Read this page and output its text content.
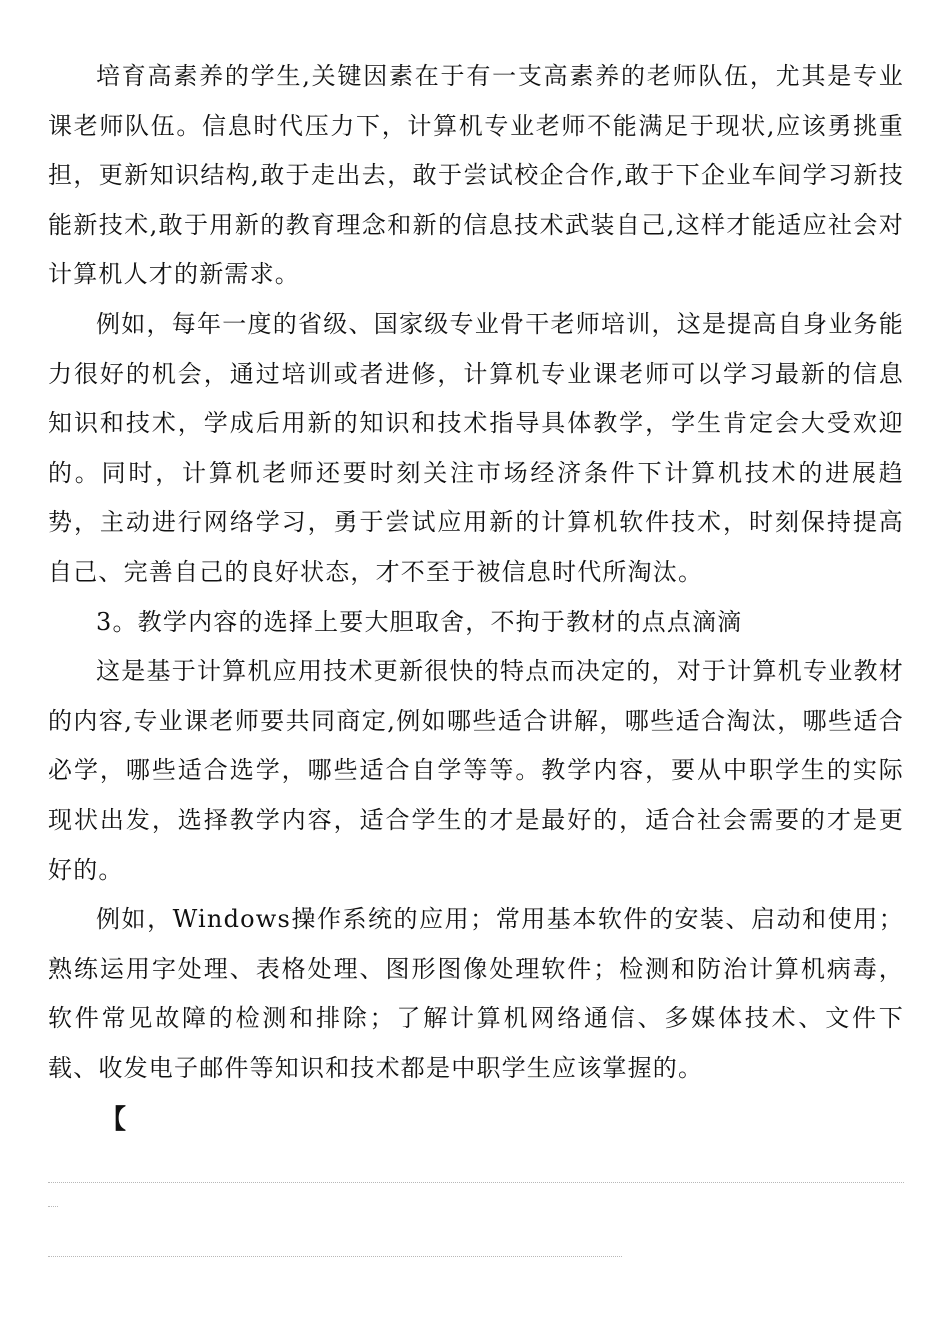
培育高素养的学生,关键因素在于有一支高素养的老师队伍，尤其是专业课老师队伍。信息时代压力下，计算机专业老师不能满足于现状,应该勇挑重担，更新知识结构,敢于走出去，敢于尝试校企合作,敢于下企业车间学习新技能新技术,敢于用新的教育理念和新的信息技术武装自己,这样才能适应社会对计算机人才的新需求。

例如，每年一度的省级、国家级专业骨干老师培训，这是提高自身业务能力很好的机会，通过培训或者进修，计算机专业课老师可以学习最新的信息知识和技术，学成后用新的知识和技术指导具体教学，学生肯定会大受欢迎的。同时，计算机老师还要时刻关注市场经济条件下计算机技术的进展趋势，主动进行网络学习，勇于尝试应用新的计算机软件技术，时刻保持提高自己、完善自己的良好状态，才不至于被信息时代所淘汰。

3。教学内容的选择上要大胆取舍，不拘于教材的点点滴滴

这是基于计算机应用技术更新很快的特点而决定的，对于计算机专业教材的内容,专业课老师要共同商定,例如哪些适合讲解，哪些适合淘汰，哪些适合必学，哪些适合选学，哪些适合自学等等。教学内容，要从中职学生的实际现状出发，选择教学内容，适合学生的才是最好的，适合社会需要的才是更好的。

例如，Windows操作系统的应用；常用基本软件的安装、启动和使用；熟练运用字处理、表格处理、图形图像处理软件；检测和防治计算机病毒，软件常见故障的检测和排除；了解计算机网络通信、多媒体技术、文件下载、收发电子邮件等知识和技术都是中职学生应该掌握的。

【
